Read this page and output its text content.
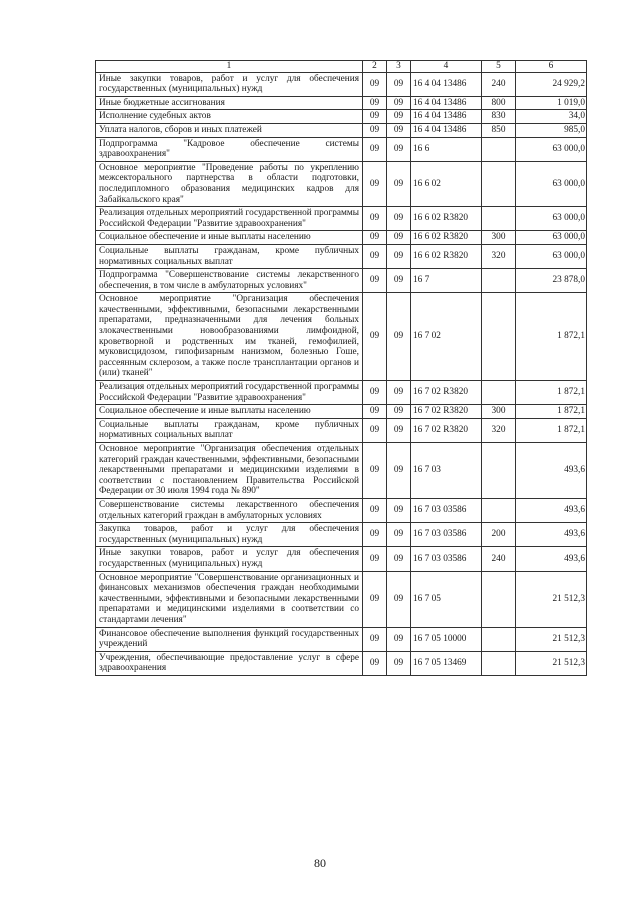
1	2	3	4	5	6
Иные закупки товаров, работ и услуг для обеспечения государственных (муниципальных) нужд	09	09	16 4 04 13486	240	24 929,2
Иные бюджетные ассигнования	09	09	16 4 04 13486	800	1 019,0
Исполнение судебных актов	09	09	16 4 04 13486	830	34,0
Уплата налогов, сборов и иных платежей	09	09	16 4 04 13486	850	985,0
Подпрограмма "Кадровое обеспечение системы здравоохранения"	09	09	16 6		63 000,0
Основное мероприятие "Проведение работы по укреплению межсекторального партнерства в области подготовки, последипломного образования медицинских кадров для Забайкальского края"	09	09	16 6 02		63 000,0
Реализация отдельных мероприятий государственной программы Российской Федерации "Развитие здравоохранения"	09	09	16 6 02 R3820		63 000,0
Социальное обеспечение и иные выплаты населению	09	09	16 6 02 R3820	300	63 000,0
Социальные выплаты гражданам, кроме публичных нормативных социальных выплат	09	09	16 6 02 R3820	320	63 000,0
Подпрограмма "Совершенствование системы лекарственного обеспечения, в том числе в амбулаторных условиях"	09	09	16 7		23 878,0
Основное мероприятие "Организация обеспечения качественными, эффективными, безопасными лекарственными препаратами, предназначенными для лечения больных злокачественными новообразованиями лимфоидной, кроветворной и родственных им тканей, гемофилией, муковисцидозом, гипофизарным нанизмом, болезнью Гоше, рассеянным склерозом, а также после трансплантации органов и (или) тканей"	09	09	16 7 02		1 872,1
Реализация отдельных мероприятий государственной программы Российской Федерации "Развитие здравоохранения"	09	09	16 7 02 R3820		1 872,1
Социальное обеспечение и иные выплаты населению	09	09	16 7 02 R3820	300	1 872,1
Социальные выплаты гражданам, кроме публичных нормативных социальных выплат	09	09	16 7 02 R3820	320	1 872,1
Основное мероприятие "Организация обеспечения отдельных категорий граждан качественными, эффективными, безопасными лекарственными препаратами и медицинскими изделиями в соответствии с постановлением Правительства Российской Федерации от 30 июля 1994 года № 890"	09	09	16 7 03		493,6
Совершенствование системы лекарственного обеспечения отдельных категорий граждан в амбулаторных условиях	09	09	16 7 03 03586		493,6
Закупка товаров, работ и услуг для обеспечения государственных (муниципальных) нужд	09	09	16 7 03 03586	200	493,6
Иные закупки товаров, работ и услуг для обеспечения государственных (муниципальных) нужд	09	09	16 7 03 03586	240	493,6
Основное мероприятие "Совершенствование организационных и финансовых механизмов обеспечения граждан необходимыми качественными, эффективными и безопасными лекарственными препаратами и медицинскими изделиями в соответствии со стандартами лечения"	09	09	16 7 05		21 512,3
Финансовое обеспечение выполнения функций государственных учреждений	09	09	16 7 05 10000		21 512,3
Учреждения, обеспечивающие предоставление услуг в сфере здравоохранения	09	09	16 7 05 13469		21 512,3
80
